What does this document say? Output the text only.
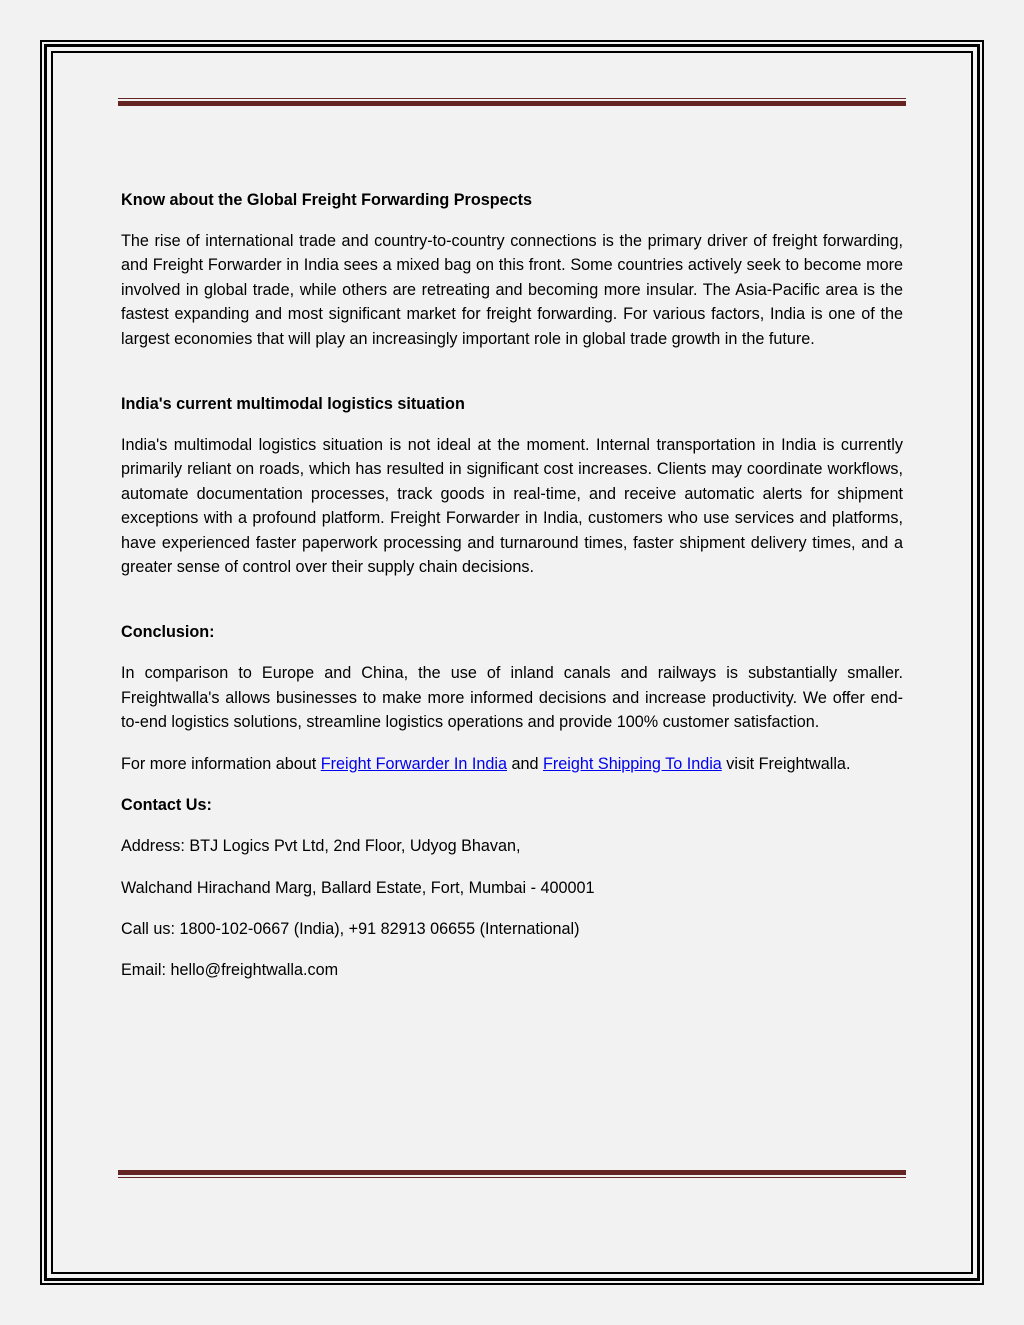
Know about the Global Freight Forwarding Prospects

The rise of international trade and country-to-country connections is the primary driver of freight forwarding, and Freight Forwarder in India sees a mixed bag on this front. Some countries actively seek to become more involved in global trade, while others are retreating and becoming more insular. The Asia-Pacific area is the fastest expanding and most significant market for freight forwarding. For various factors, India is one of the largest economies that will play an increasingly important role in global trade growth in the future.

India's current multimodal logistics situation

India's multimodal logistics situation is not ideal at the moment. Internal transportation in India is currently primarily reliant on roads, which has resulted in significant cost increases. Clients may coordinate workflows, automate documentation processes, track goods in real-time, and receive automatic alerts for shipment exceptions with a profound platform. Freight Forwarder in India, customers who use services and platforms, have experienced faster paperwork processing and turnaround times, faster shipment delivery times, and a greater sense of control over their supply chain decisions.

Conclusion:

In comparison to Europe and China, the use of inland canals and railways is substantially smaller. Freightwalla's allows businesses to make more informed decisions and increase productivity. We offer end-to-end logistics solutions, streamline logistics operations and provide 100% customer satisfaction.

For more information about Freight Forwarder In India and Freight Shipping To India visit Freightwalla.

Contact Us:

Address: BTJ Logics Pvt Ltd, 2nd Floor, Udyog Bhavan,

Walchand Hirachand Marg, Ballard Estate, Fort, Mumbai - 400001

Call us: 1800-102-0667 (India), +91 82913 06655 (International)

Email: hello@freightwalla.com
